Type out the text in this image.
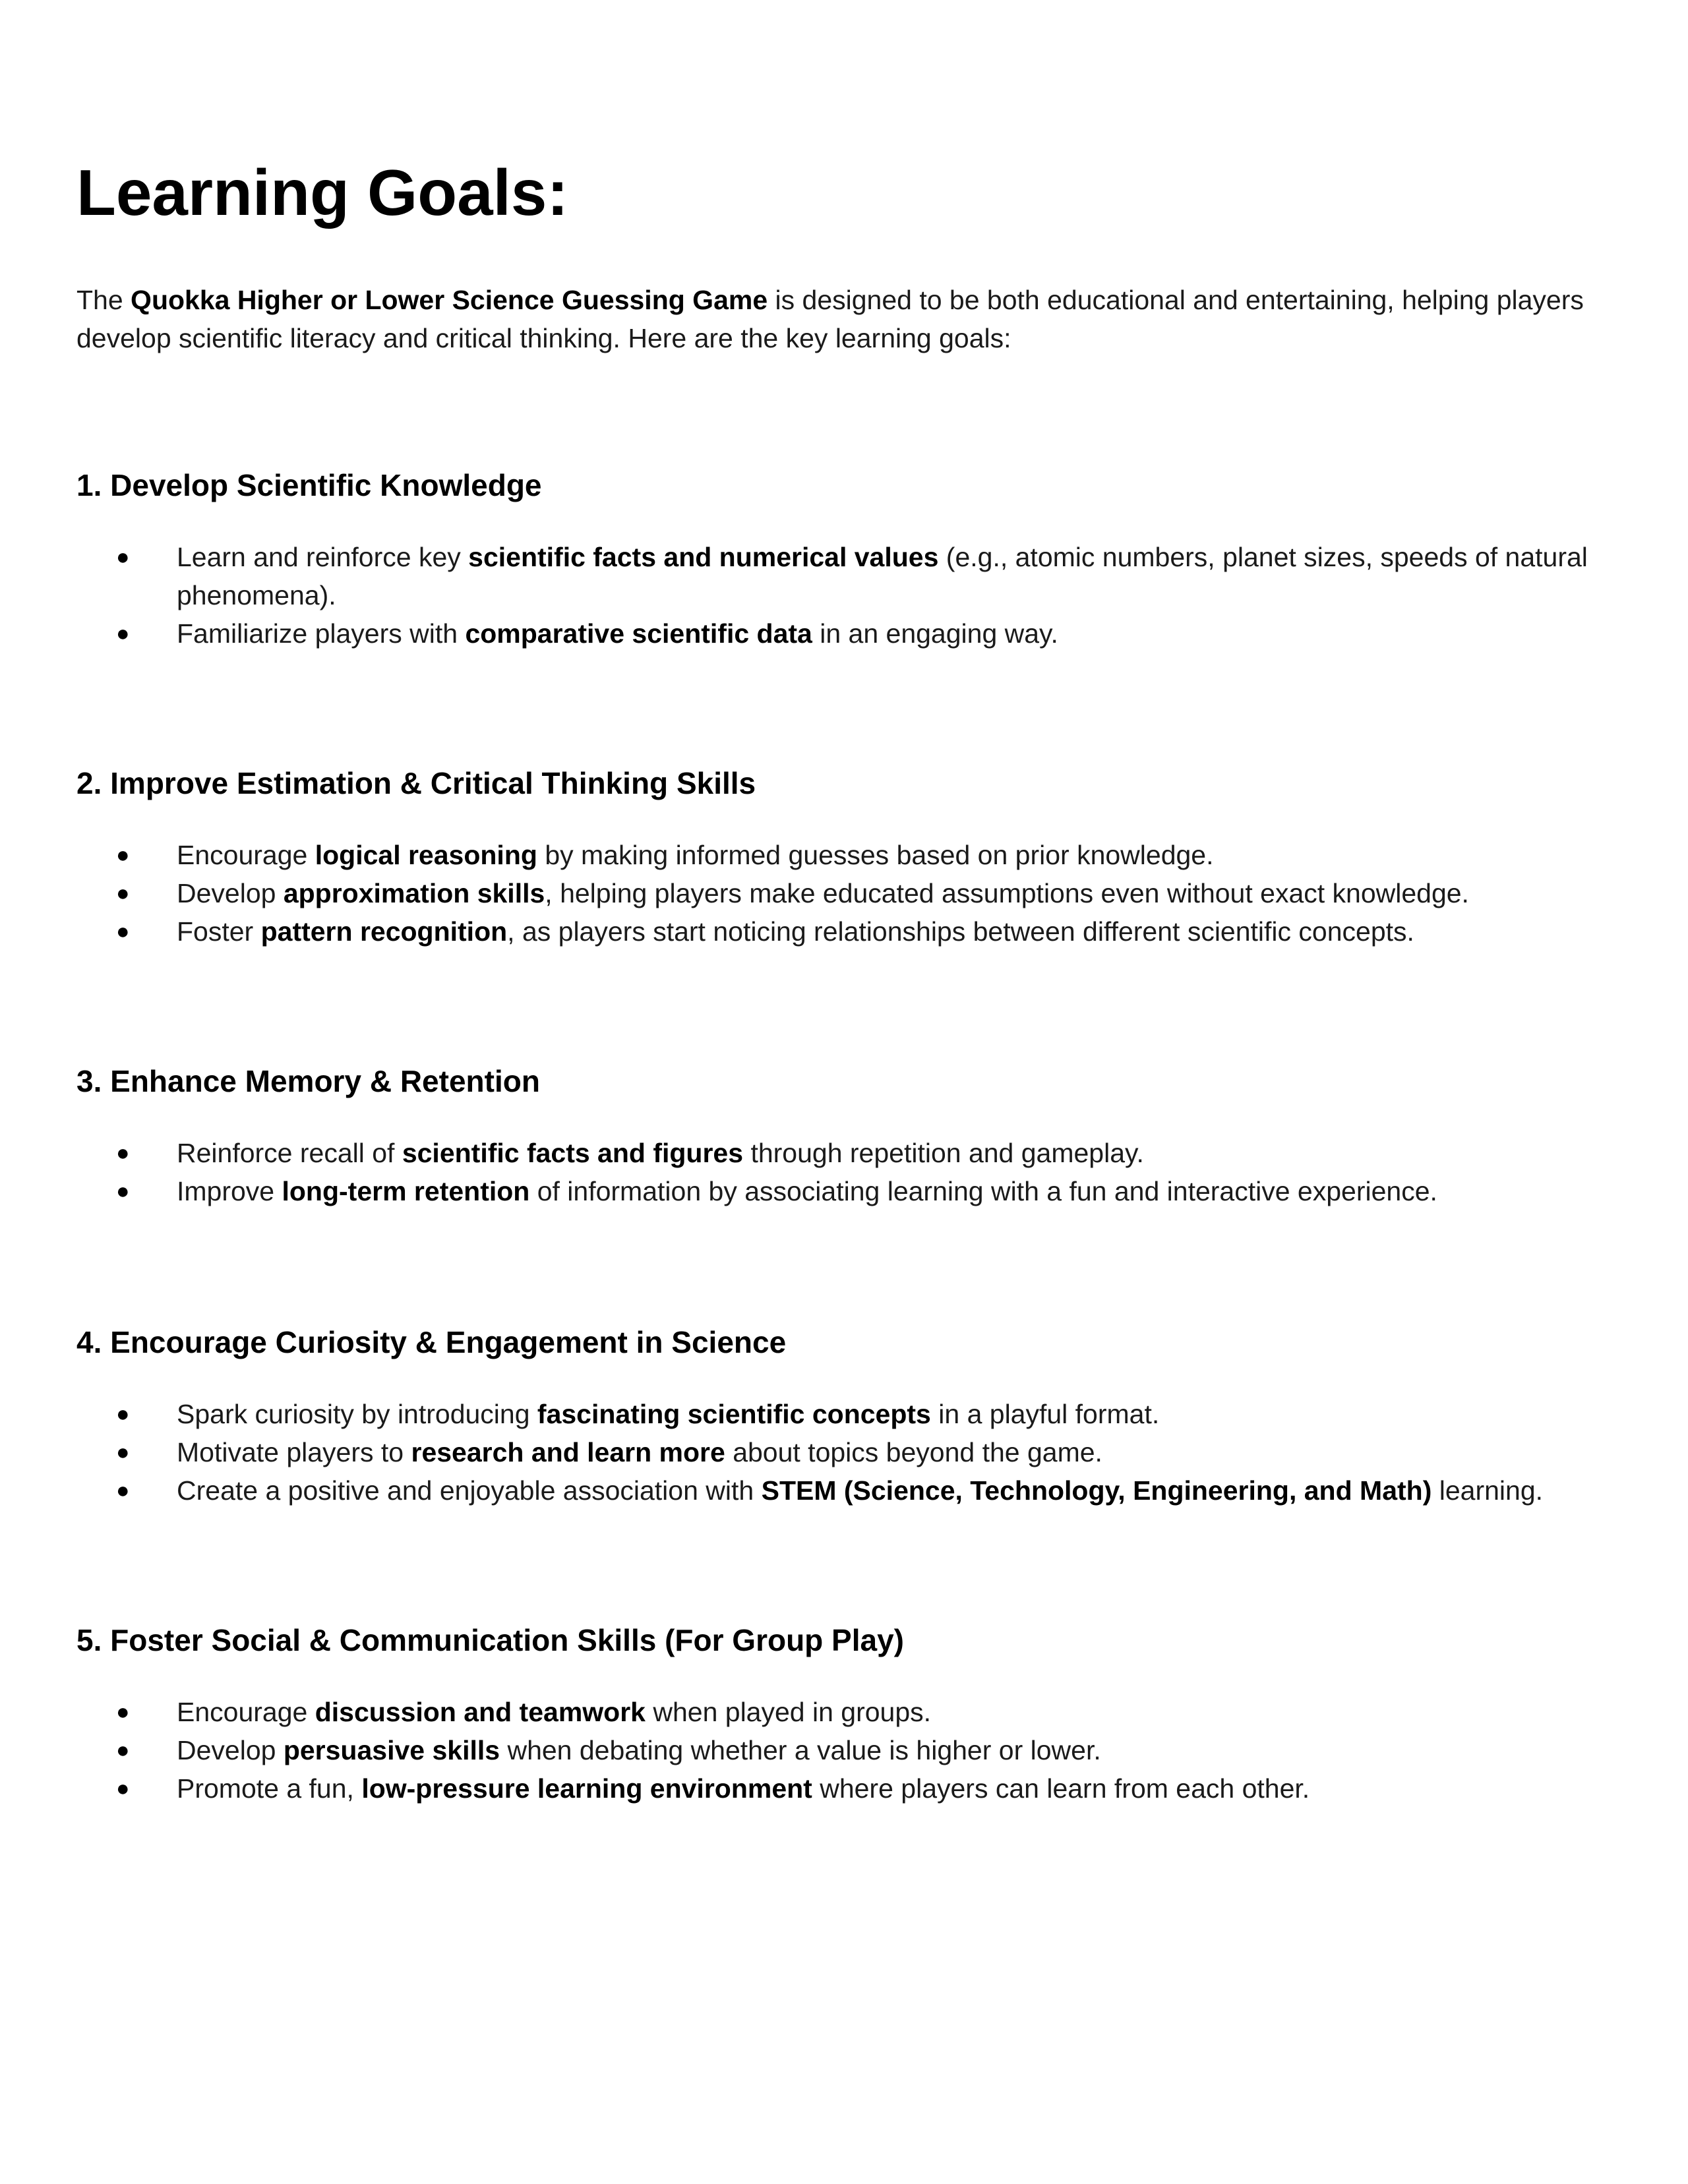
Learning Goals:

The Quokka Higher or Lower Science Guessing Game is designed to be both educational and entertaining, helping players develop scientific literacy and critical thinking. Here are the key learning goals:

1. Develop Scientific Knowledge
● Learn and reinforce key scientific facts and numerical values (e.g., atomic numbers, planet sizes, speeds of natural phenomena).
● Familiarize players with comparative scientific data in an engaging way.
2. Improve Estimation & Critical Thinking Skills
● Encourage logical reasoning by making informed guesses based on prior knowledge.
● Develop approximation skills, helping players make educated assumptions even without exact knowledge.
● Foster pattern recognition, as players start noticing relationships between different scientific concepts.
3. Enhance Memory & Retention
● Reinforce recall of scientific facts and figures through repetition and gameplay.
● Improve long-term retention of information by associating learning with a fun and interactive experience.
4. Encourage Curiosity & Engagement in Science
● Spark curiosity by introducing fascinating scientific concepts in a playful format.
● Motivate players to research and learn more about topics beyond the game.
● Create a positive and enjoyable association with STEM (Science, Technology, Engineering, and Math) learning.
5. Foster Social & Communication Skills (For Group Play)
● Encourage discussion and teamwork when played in groups.
● Develop persuasive skills when debating whether a value is higher or lower.
● Promote a fun, low-pressure learning environment where players can learn from each other.
